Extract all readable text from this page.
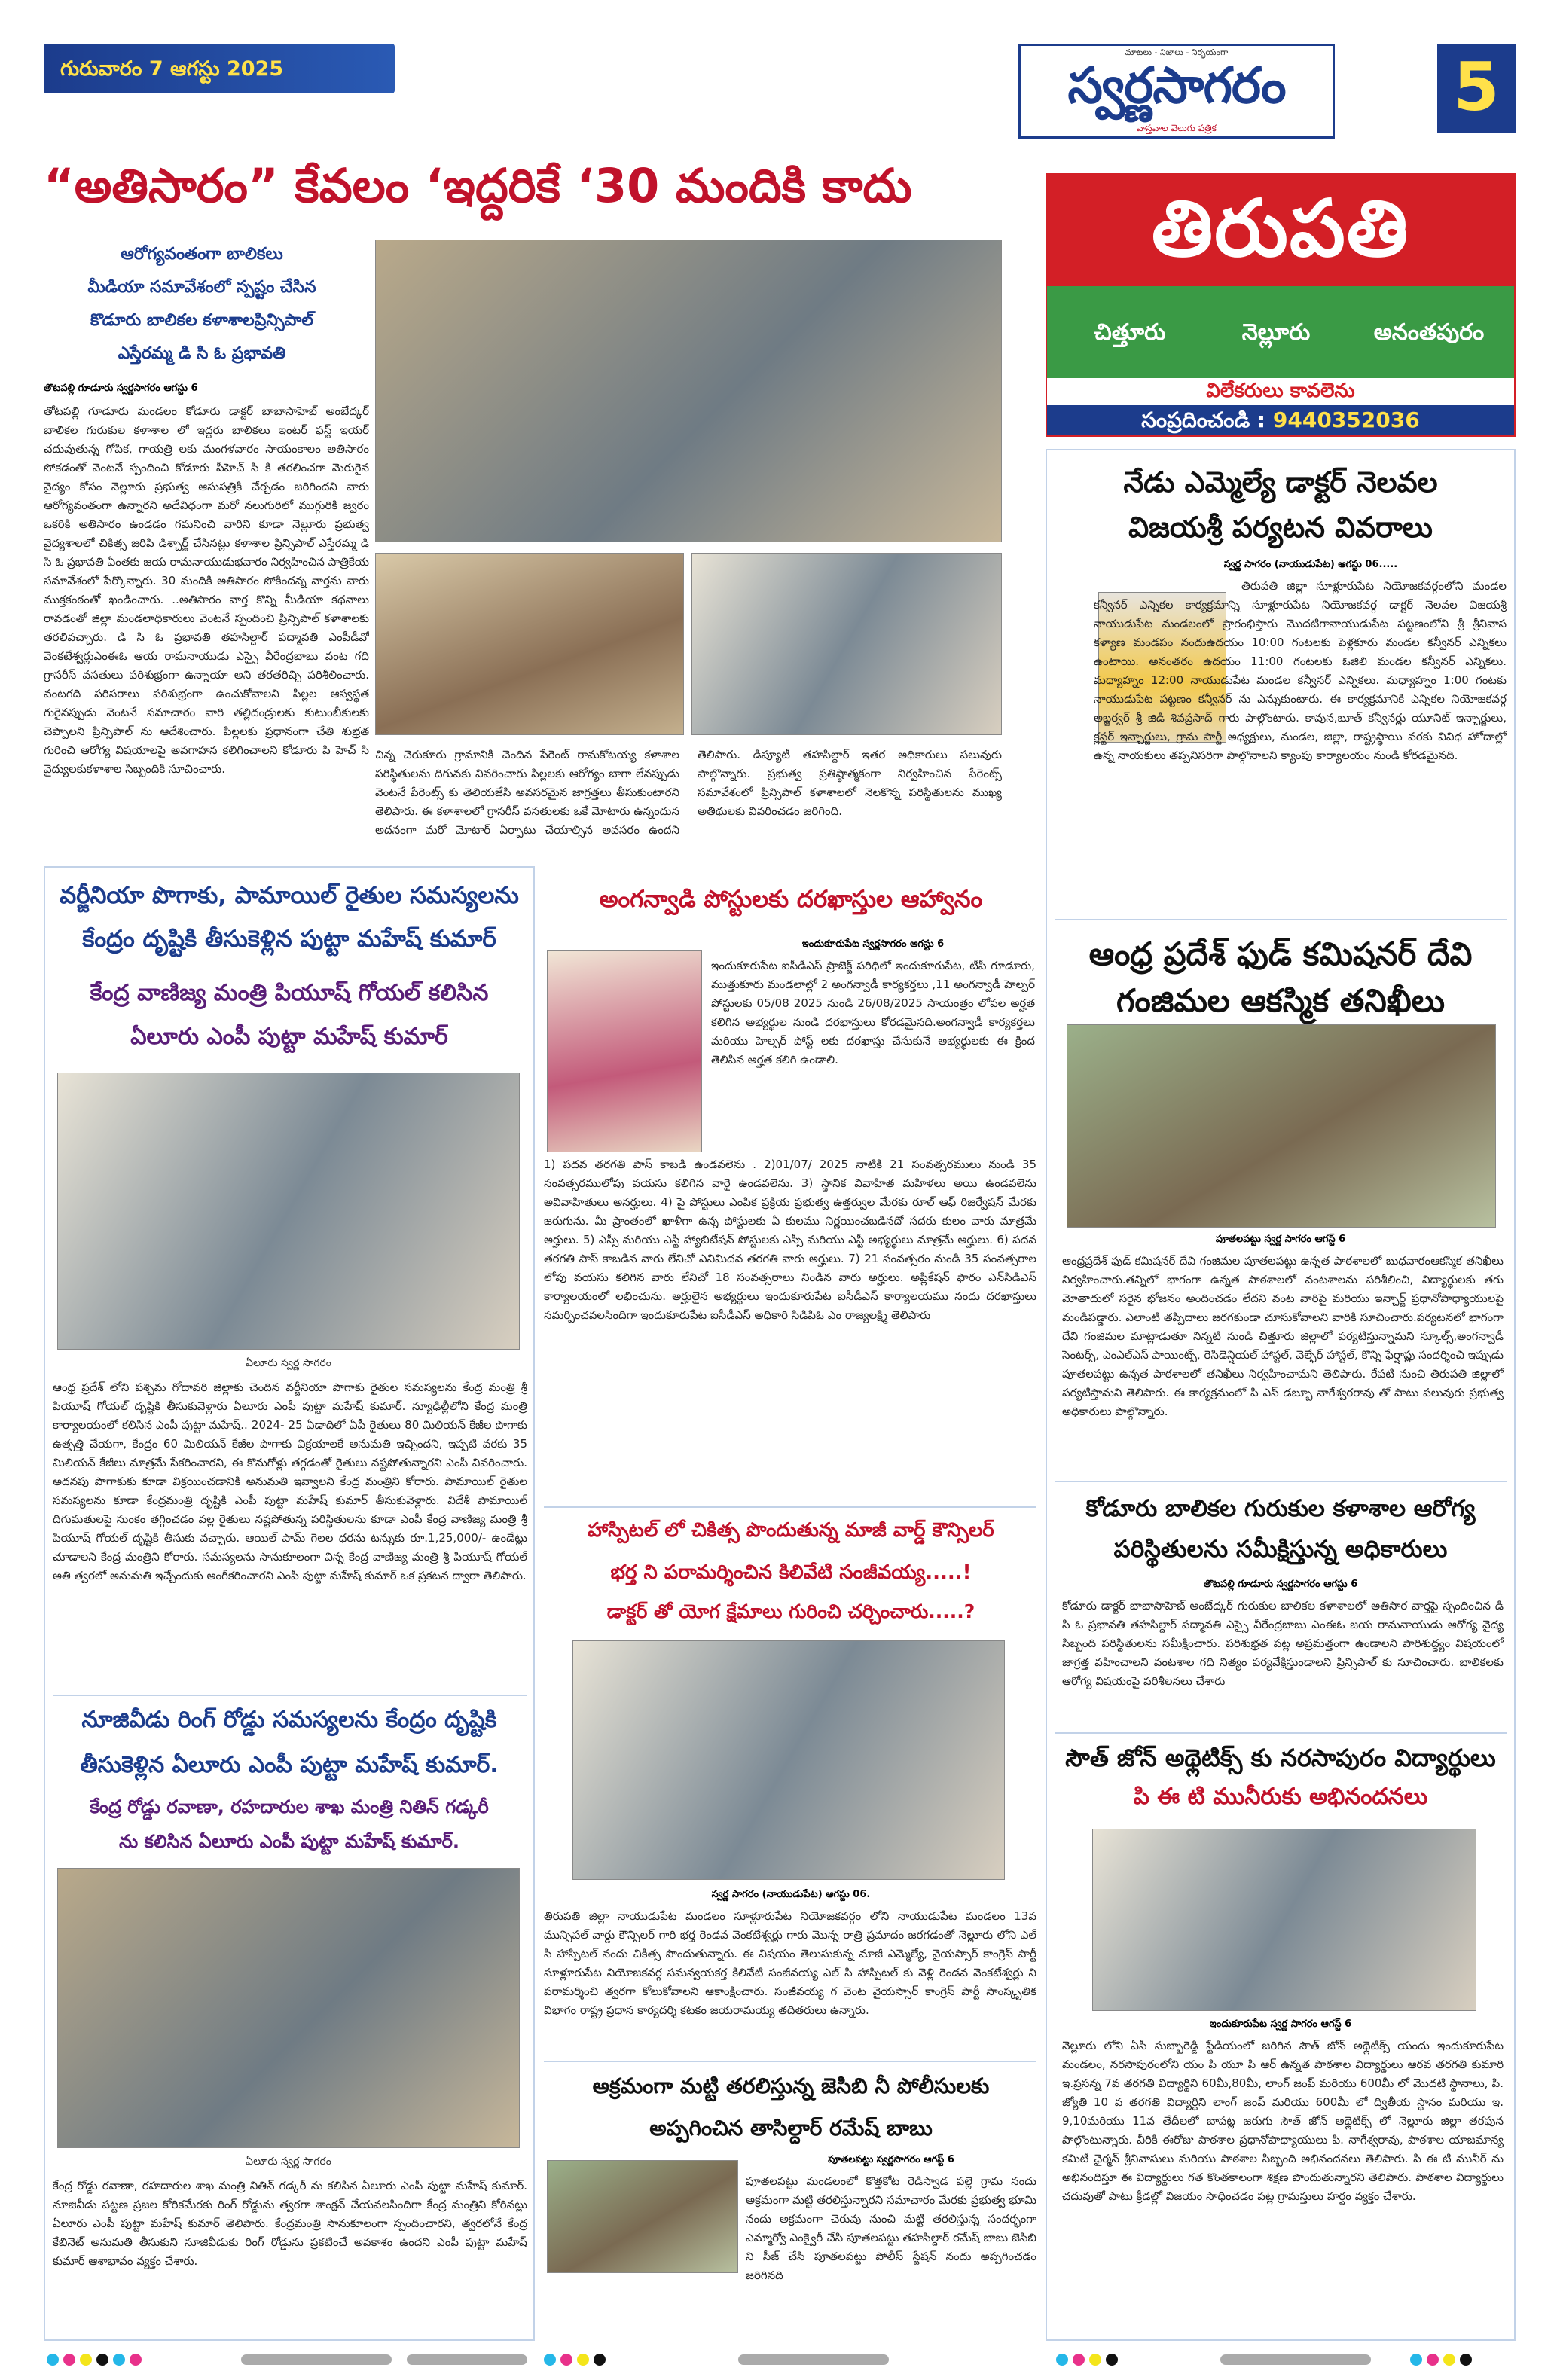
గురువారం 7 ఆగస్టు 2025
మాటలు - నిజాలు - నిర్భయంగా
స్వర్ణసాగరం
వాస్తవాల వెలుగు పత్రిక
5
“అతిసారం” కేవలం ‘ఇద్దరికే ‘30 మందికి కాదు
ఆరోగ్యవంతంగా బాలికలు
మీడియా సమావేశంలో స్పష్టం చేసిన
కొడూరు బాలికల కళాశాలప్రిన్సిపాల్
ఎస్తేరమ్మ డి సి ఓ ప్రభావతి
తొటపల్లి గూడూరు స్వర్ణసాగరం ఆగస్టు 6
తోటపల్లి గూడూరు మండలం కోడూరు డాక్టర్ బాబాసాహెబ్ అంబేద్కర్ బాలికల గురుకుల కళాశాల లో ఇద్దరు బాలికలు ఇంటర్ ఫస్ట్ ఇయర్ చదువుతున్న గోపిక, గాయత్రి లకు మంగళవారం సాయంకాలం అతిసారం సోకడంతో వెంటనే స్పందించి కోడూరు పీహెచ్ సి కి తరలించగా మెరుగైన వైద్యం కోసం నెల్లూరు ప్రభుత్వ ఆసుపత్రికి చేర్చడం జరిగిందని వారు ఆరోగ్యవంతంగా ఉన్నారని అదేవిధంగా మరో నలుగురిలో ముగ్గురికి జ్వరం ఒకరికి అతిసారం ఉండడం గమనించి వారిని కూడా నెల్లూరు ప్రభుత్వ వైద్యశాలలో చికిత్స జరిపి డిశ్చార్జ్ చేసినట్లు కళాశాల ప్రిన్సిపాల్ ఎస్తేరమ్మ డి సి ఓ ప్రభావతి ఏంతకు జయ రామనాయుడుభవారం నిర్వహించిన పాత్రికేయ సమావేశంలో పేర్కొన్నారు. 30 మందికి అతిసారం సోకిందన్న వార్తను వారు ముక్తకంఠంతో ఖండించారు. ..అతిసారం వార్త కొన్ని మీడియా కథనాలు రావడంతో జిల్లా మండలాధికారులు వెంటనే స్పందించి ప్రిన్సిపాల్ కళాశాలకు తరలివచ్చారు. డి సి ఓ ప్రభావతి తహసిల్దార్ పద్మావతి ఎంపీడీవో వెంకటేశ్వర్లుఎంఈఓ ఆయ రామనాయుడు ఎస్సై వీరేంద్రబాబు వంట గది గ్రాసరీస్ వసతులు పరిశుభ్రంగా ఉన్నాయా అని తరతరిచ్చి పరిశీలించారు. వంటగది పరిసరాలు పరిశుభ్రంగా ఉంచుకోవాలని పిల్లల ఆస్వస్థత గురైనప్పుడు వెంటనే సమాచారం వారి తల్లిదండ్రులకు కుటుంబీకులకు చెప్పాలని ప్రిన్సిపాల్ ను ఆదేశించారు. పిల్లలకు ప్రధానంగా చేతి శుభ్రత గురించి ఆరోగ్య విషయాలపై అవగాహన కలిగించాలని కోడూరు పి హెచ్ సి వైద్యులకుకళాశాల సిబ్బందికి సూచించారు.
చిన్న చెరుకూరు గ్రామానికి చెందిన పేరెంట్ రామకోటయ్య కళాశాల పరిస్థితులను దిగువకు వివరించారు పిల్లలకు ఆరోగ్యం బాగా లేనప్పుడు వెంటనే పేరెంట్స్ కు తెలియజేసి అవసరమైన జాగ్రత్తలు తీసుకుంటారని తెలిపారు. ఈ కళాశాలలో గ్రాసరీస్ వసతులకు ఒకే మోటారు ఉన్నందున అదనంగా మరో మోటార్ ఏర్పాటు చేయాల్సిన అవసరం ఉందని తెలిపారు. డిప్యూటీ తహసిల్దార్ ఇతర అధికారులు పలువురు పాల్గొన్నారు. ప్రభుత్వ ప్రతిష్ఠాత్మకంగా నిర్వహించిన పేరెంట్స్ సమావేశంలో ప్రిన్సిపాల్ కళాశాలలో నెలకొన్న పరిస్థితులను ముఖ్య అతిథులకు వివరించడం జరిగింది.
తిరుపతి
చిత్తూరు	నెల్లూరు	అనంతపురం
విలేకరులు కావలెను
సంప్రదించండి : 9440352036
నేడు ఎమ్మెల్యే డాక్టర్ నెలవల
విజయశ్రీ పర్యటన వివరాలు
స్వర్ణ సాగరం (నాయుడుపేట) ఆగస్టు 06.....
తిరుపతి జిల్లా సూళ్లూరుపేట నియోజకవర్గంలోని మండల కన్వీనర్ ఎన్నికల కార్యక్రమాన్ని సూళ్లూరుపేట నియోజకవర్గ డాక్టర్ నెలవల విజయశ్రీ నాయుడుపేట మండలంలో ప్రారంభిస్తారు మొదటిగానాయుడుపేట పట్టణంలోని శ్రీ శ్రీనివాస కళ్యాణ మండపం నందుఉదయం 10:00 గంటలకు పెళ్లకూరు మండల కన్వీనర్ ఎన్నికలు ఉంటాయి. అనంతరం ఉదయం 11:00 గంటలకు ఓజిలి మండల కన్వీనర్ ఎన్నికలు. మధ్యాహ్నం 12:00 నాయుడుపేట మండల కన్వీనర్ ఎన్నికలు. మధ్యాహ్నం 1:00 గంటకు నాయుడుపేట పట్టణం కన్వీనర్ ను ఎన్నుకుంటారు. ఈ కార్యక్రమానికి ఎన్నికల నియోజకవర్గ అబ్జర్వర్ శ్రీ జిడి శివప్రసాద్ గారు పాల్గొంటారు. కావున,బూత్ కన్వీనర్లు యూనిట్ ఇన్చార్జులు, క్లస్టర్ ఇన్చార్జులు, గ్రామ పార్టీ అధ్యక్షులు, మండల, జిల్లా, రాష్ట్రస్థాయి వరకు వివిధ హోదాల్లో ఉన్న నాయకులు తప్పనిసరిగా పాల్గొనాలని క్యాంపు కార్యాలయం నుండి కోరడమైనది.
ఆంధ్ర ప్రదేశ్ ఫుడ్ కమిషనర్ దేవి
గంజిమల ఆకస్మిక తనిఖీలు
పూతలపట్టు స్వర్ణ సాగరం ఆగస్ట్ 6
ఆంధ్రప్రదేశ్ ఫుడ్ కమిషనర్ దేవి గంజిమల పూతలపట్టు ఉన్నత పాఠశాలలో బుధవారంఆకస్మిక తనిఖీలు నిర్వహించారు.తన్నిలో భాగంగా ఉన్నత పాఠశాలలో వంటశాలను పరిశీలించి, విద్యార్థులకు తగు మోతాదులో సరైన భోజనం అందించడం లేదని వంట వారిపై మరియు ఇన్చార్జ్ ప్రధానోపాధ్యాయులపై మండిపడ్డారు. ఎలాంటి తప్పిదాలు జరగకుండా చూసుకోవాలని వారికి సూచించారు.పర్యటనలో భాగంగా దేవి గంజిమల మాట్లాడుతూ నిన్నటి నుండి చిత్తూరు జిల్లాలో పర్యటిస్తున్నామని స్కూల్స్,అంగన్వాడీ సెంటర్స్, ఎంఎల్ఎస్ పాయింట్స్, రెసిడెన్షియల్ హాస్టల్, వెల్ఫేర్ హాస్టల్, కొన్ని ఫేర్షాప్లు సందర్శించి ఇప్పుడు పూతలపట్టు ఉన్నత పాఠశాలలో తనిఖీలు నిర్వహించామని తెలిపారు. రేపటి నుంచి తిరుపతి జిల్లాలో పర్యటిస్తామని తెలిపారు. ఈ కార్యక్రమంలో పి ఎస్ డబ్బూ నాగేశ్వరరావు తో పాటు పలువురు ప్రభుత్వ అధికారులు పాల్గొన్నారు.
కోడూరు బాలికల గురుకుల కళాశాల ఆరోగ్య
పరిస్థితులను సమీక్షిస్తున్న అధికారులు
తొటపల్లి గూడూరు స్వర్ణసాగరం ఆగస్టు 6
కోడూరు డాక్టర్ బాబాసాహెబ్ అంబేద్కర్ గురుకుల బాలికల కళాశాలలో అతిసార వార్తపై స్పందించిన డి సి ఓ ప్రభావతి తహసిల్దార్ పద్మావతి ఎస్సై వీరేంద్రబాబు ఎంఈఓ జయ రామనాయుడు ఆరోగ్య వైద్య సిబ్బంది పరిస్థితులను సమీక్షించారు. పరిశుభ్రత పట్ల అప్రమత్తంగా ఉండాలని పారిశుద్ధ్యం విషయంలో జాగ్రత్త వహించాలని వంటశాల గది నిత్యం పర్యవేక్షిస్తుండాలని ప్రిన్సిపాల్ కు సూచించారు. బాలికలకు ఆరోగ్య విషయంపై పరిశీలనలు చేశారు
సౌత్ జోన్ అథ్లెటిక్స్ కు నరసాపురం విద్యార్థులు
పి ఈ టి మునీరుకు అభినందనలు
ఇందుకూరుపేట స్వర్ణ సాగరం ఆగస్ట్ 6
నెల్లూరు లోని ఏసీ సుబ్బారెడ్డి స్టేడియంలో జరిగిన సౌత్ జోన్ అథ్లెటిక్స్ యందు ఇందుకూరుపేట మండలం, నరసాపురంలోని యం పి యూ పి ఆర్ ఉన్నత పాఠశాల విద్యార్థులు ఆరవ తరగతి కుమారి ఇ.ప్రసన్న 7వ తరగతి విద్యార్థిని 60మీ,80మీ, లాంగ్ జంప్ మరియు 600మీ లో మొదటి స్థానాలు, పి. జ్యోతి 10 వ తరగతి విద్యార్థిని లాంగ్ జంప్ మరియు 600మీ లో ద్వితీయ స్థానం మరియు ఇ. 9,10మరియు 11వ తేదీలలో బాపట్ల జరుగు సౌత్ జోన్ అథ్లెటిక్స్ లో నెల్లూరు జిల్లా తరఫున పాల్గొంటున్నారు. వీరికి ఈరోజు పాఠశాల ప్రధానోపాధ్యాయులు పి. నాగేశ్వరావు, పాఠశాల యాజమాన్య కమిటీ ఛైర్మన్ శ్రీనివాసులు మరియు పాఠశాల సిబ్బంది అభినందనలు తెలిపారు. పి ఈ టి మునీర్ ను అభినందిస్తూ ఈ విద్యార్థులు గత కొంతకాలంగా శిక్షణ పొందుతున్నారని తెలిపారు. పాఠశాల విద్యార్థులు చదువుతో పాటు క్రీడల్లో విజయం సాధించడం పట్ల గ్రామస్తులు హర్షం వ్యక్తం చేశారు.
వర్జీనియా పొగాకు, పామాయిల్ రైతుల సమస్యలను
కేంద్రం దృష్టికి తీసుకెళ్లిన పుట్టా మహేష్ కుమార్
కేంద్ర వాణిజ్య మంత్రి పియూష్ గోయల్ కలిసిన
ఏలూరు ఎంపీ పుట్టా మహేష్ కుమార్
ఏలూరు స్వర్ణ సాగరం
ఆంధ్ర ప్రదేశ్ లోని పశ్చిమ గోదావరి జిల్లాకు చెందిన వర్జీనియా పొగాకు రైతుల సమస్యలను కేంద్ర మంత్రి శ్రీ పియూష్ గోయల్ దృష్టికి తీసుకువెళ్లారు ఏలూరు ఎంపీ పుట్టా మహేష్ కుమార్. న్యూఢిల్లీలోని కేంద్ర మంత్రి కార్యాలయంలో కలిసిన ఎంపీ పుట్టా మహేష్.. 2024- 25 ఏడాదిలో ఏపీ రైతులు 80 మిలియన్ కేజీల పొగాకు ఉత్పత్తి చేయగా, కేంద్రం 60 మిలియన్ కేజీల పొగాకు విక్రయాలకే అనుమతి ఇచ్చిందని, ఇప్పటి వరకు 35 మిలియన్ కేజీలు మాత్రమే సేకరించారని, ఈ కొనుగోళ్లు తగ్గడంతో రైతులు నష్టపోతున్నారని ఎంపీ వివరించారు. అదనపు పొగాకుకు కూడా విక్రయించడానికి అనుమతి ఇవ్వాలని కేంద్ర మంత్రిని కోరారు. పామాయిల్ రైతుల సమస్యలను కూడా కేంద్రమంత్రి దృష్టికి ఎంపీ పుట్టా మహేష్ కుమార్ తీసుకువెళ్లారు. విదేశీ పామాయిల్ దిగుమతులపై సుంకం తగ్గించడం వల్ల రైతులు నష్టపోతున్న పరిస్థితులను కూడా ఎంపీ కేంద్ర వాణిజ్య మంత్రి శ్రీ పియూష్ గోయల్ దృష్టికి తీసుకు వచ్చారు. ఆయిల్ పామ్ గెలల ధరను టన్నుకు రూ.1,25,000/- ఉండేట్లు చూడాలని కేంద్ర మంత్రిని కోరారు. సమస్యలను సానుకూలంగా విన్న కేంద్ర వాణిజ్య మంత్రి శ్రీ పియూష్ గోయల్ అతి త్వరలో అనుమతి ఇచ్చేందుకు అంగీకరించారని ఎంపీ పుట్టా మహేష్ కుమార్ ఒక ప్రకటన ద్వారా తెలిపారు.
నూజివీడు రింగ్ రోడ్డు సమస్యలను కేంద్రం దృష్టికి
తీసుకెళ్లిన ఏలూరు ఎంపీ పుట్టా మహేష్ కుమార్.
కేంద్ర రోడ్డు రవాణా, రహదారుల శాఖ మంత్రి నితిన్ గడ్కరీ
ను కలిసిన ఏలూరు ఎంపీ పుట్టా మహేష్ కుమార్.
ఏలూరు స్వర్ణ సాగరం
కేంద్ర రోడ్డు రవాణా, రహదారుల శాఖ మంత్రి నితిన్ గడ్కరీ ను కలిసిన ఏలూరు ఎంపీ పుట్టా మహేష్ కుమార్. నూజివీడు పట్టణ ప్రజల కోరికమేరకు రింగ్ రోడ్డును త్వరగా శాంక్షన్ చేయవలసిందిగా కేంద్ర మంత్రిని కోరినట్లు ఏలూరు ఎంపీ పుట్టా మహేష్ కుమార్ తెలిపారు. కేంద్రమంత్రి సానుకూలంగా స్పందించారని, త్వరలోనే కేంద్ర కేబినెట్ అనుమతి తీసుకుని నూజివీడుకు రింగ్ రోడ్డును ప్రకటించే అవకాశం ఉందని ఎంపీ పుట్టా మహేష్ కుమార్ ఆశాభావం వ్యక్తం చేశారు.
అంగన్వాడి పోస్టులకు దరఖాస్తుల ఆహ్వానం
ఇందుకూరుపేట స్వర్ణసాగరం ఆగస్టు 6
ఇందుకూరుపేట ఐసీడీఎస్ ప్రాజెక్ట్ పరిధిలో ఇందుకూరుపేట, టీపీ గూడూరు, ముత్తుకూరు మండలాల్లో 2 అంగన్వాడీ కార్యకర్తలు ,11 అంగన్వాడీ హెల్పర్ పోస్టులకు 05/08 2025 నుండి 26/08/2025 సాయంత్రం లోపల అర్హత కలిగిన అభ్యర్థుల నుండి దరఖాస్తులు కోరడమైనది.అంగన్వాడీ కార్యకర్తలు మరియు హెల్పర్ పోస్ట్ లకు దరఖాస్తు చేసుకునే అభ్యర్థులకు ఈ క్రింద తెలిపిన అర్హత కలిగి ఉండాలి.
1) పదవ తరగతి పాస్ కాబడి ఉండవలెను . 2)01/07/ 2025 నాటికి 21 సంవత్సరములు నుండి 35 సంవత్సరములోపు వయసు కలిగిన వారై ఉండవలెను. 3) స్థానిక వివాహిత మహిళలు అయి ఉండవలెను అవివాహితులు అనర్హులు. 4) పై పోస్టులు ఎంపిక ప్రక్రియ ప్రభుత్వ ఉత్తర్వుల మేరకు రూల్ ఆఫ్ రిజర్వేషన్ మేరకు జరుగును. మీ ప్రాంతంలో ఖాళీగా ఉన్న పోస్టులకు ఏ కులము నిర్ణయించబడినదో సదరు కులం వారు మాత్రమే అర్హులు. 5) ఎస్సీ మరియు ఎస్టీ హ్యాబిటేషన్ పోస్టులకు ఎస్సీ మరియు ఎస్టీ అభ్యర్థులు మాత్రమే అర్హులు. 6) పదవ తరగతి పాస్ కాబడిన వారు లేనిచో ఎనిమిదవ తరగతి వారు అర్హులు. 7) 21 సంవత్సరం నుండి 35 సంవత్సరాల లోపు వయసు కలిగిన వారు లేనిచో 18 సంవత్సరాలు నిండిన వారు అర్హులు. అప్లికేషన్ ఫారం ఎన్‌సిడిఎస్ కార్యాలయంలో లభించును. అర్హులైన అభ్యర్థులు ఇందుకూరుపేట ఐసీడీఎస్ కార్యాలయము నందు దరఖాస్తులు సమర్పించవలసిందిగా ఇందుకూరుపేట ఐసీడీఎస్ అధికారి సిడిపిఓ ఎం రాజ్యలక్ష్మి తెలిపారు
హాస్పిటల్ లో చికిత్స పొందుతున్న మాజీ వార్డ్ కౌన్సిలర్
భర్త ని పరామర్శించిన కిలివేటి సంజీవయ్య.....!
డాక్టర్ తో యోగ క్షేమాలు గురించి చర్చించారు.....?
స్వర్ణ సాగరం (నాయుడుపేట) ఆగస్టు 06.
తిరుపతి జిల్లా నాయుడుపేట మండలం సూళ్లూరుపేట నియోజకవర్గం లోని నాయుడుపేట మండలం 13వ మున్సిపల్ వార్డు కౌన్సిలర్ గారి భర్త రెండవ వెంకటేశ్వర్లు గారు మొన్న రాత్రి ప్రమాదం జరగడంతో నెల్లూరు లోని ఎల్ సి హాస్పిటల్ నందు చికిత్స పొందుతున్నారు. ఈ విషయం తెలుసుకున్న మాజీ ఎమ్మెల్యే, వైయస్సార్ కాంగ్రెస్ పార్టీ సూళ్లూరుపేట నియోజకవర్గ సమన్వయకర్త కిలివేటి సంజీవయ్య ఎల్ సి హాస్పిటల్ కు వెళ్లి రెండవ వెంకటేశ్వర్లు ని పరామర్శించి త్వరగా కోలుకోవాలని ఆకాంక్షించారు. సంజీవయ్య గ వెంట వైయస్సార్ కాంగ్రెస్ పార్టీ సాంస్కృతిక విభాగం రాష్ట్ర ప్రధాన కార్యదర్శి కటకం జయరామయ్య తదితరులు ఉన్నారు.
అక్రమంగా మట్టి తరలిస్తున్న జెసిబి నీ పోలీసులకు
అప్పగించిన తాసిల్దార్ రమేష్ బాబు
పూతలపట్టు స్వర్ణసాగరం ఆగస్ట్ 6
పూతలపట్టు మండలంలో కొత్తకోట రెడిస్వాడ పల్లె గ్రామ నందు అక్రమంగా మట్టి తరలిస్తున్నారని సమాచారం మేరకు ప్రభుత్వ భూమి నందు అక్రమంగా చెరువు నుంచి మట్టి తరలిస్తున్న సందర్భంగా ఎమ్మార్వో ఎంక్వైరీ చేసి పూతలపట్టు తహసిల్దార్ రమేష్ బాబు జెసిబి ని సీజ్ చేసి పూతలపట్టు పోలీస్ స్టేషన్ నందు అప్పగించడం జరిగినది
